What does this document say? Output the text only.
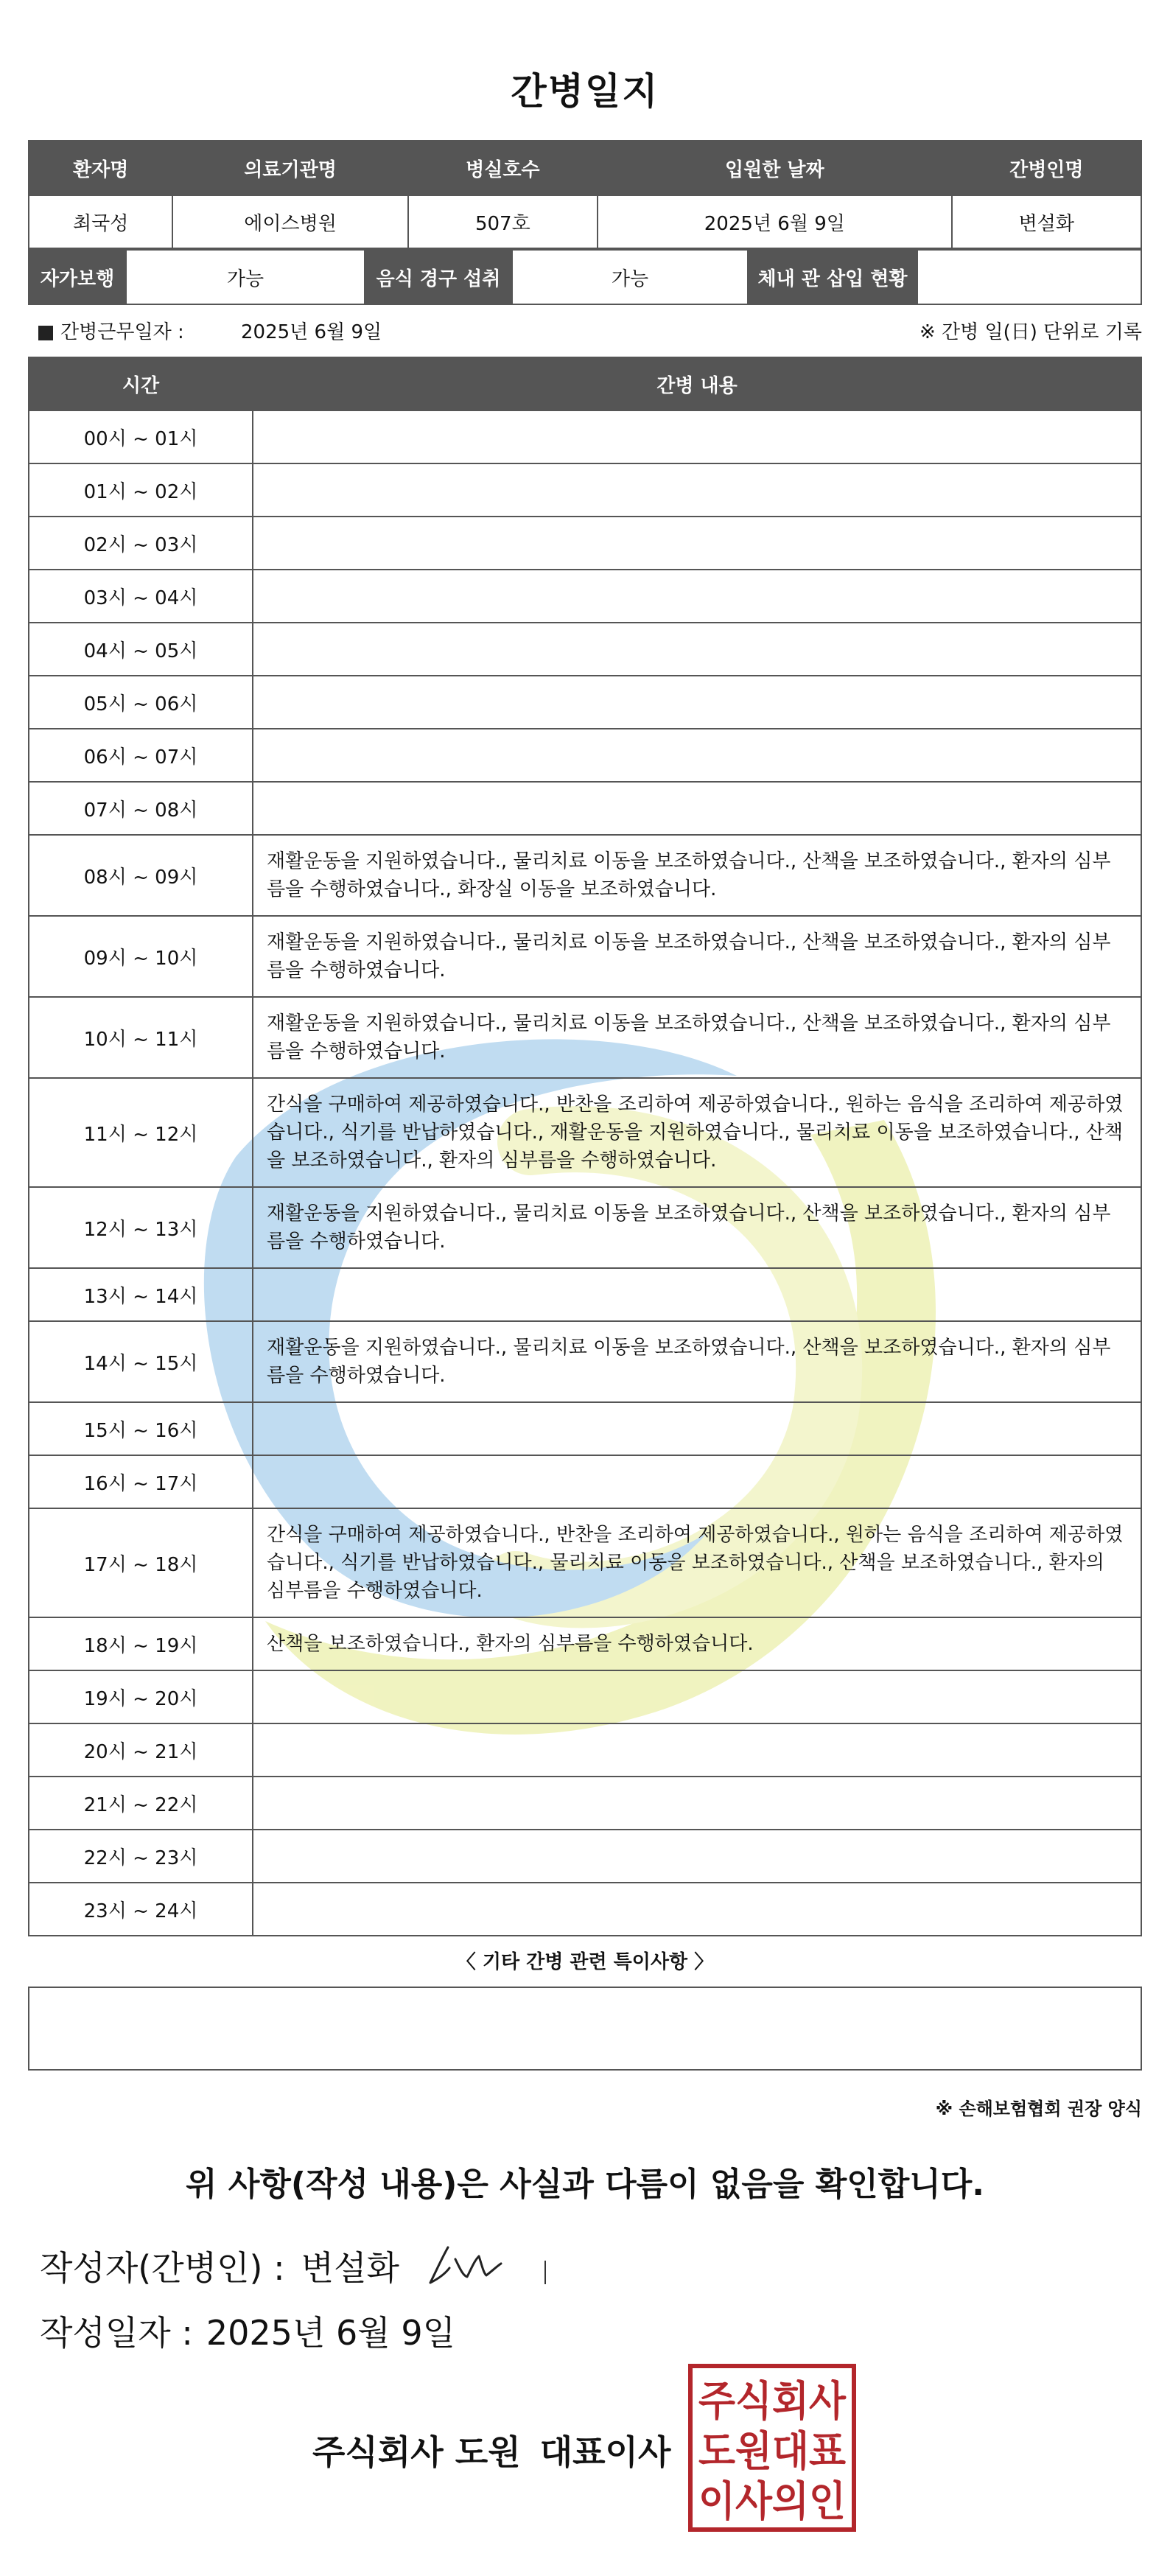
간병일지
환자명	의료기관명	병실호수	입원한 날짜	간병인명
최국성	에이스병원	507호	2025년 6월 9일	변설화
자가보행	가능	음식 경구 섭취	가능	체내 관 삽입 현황	
간병근무일자 :	2025년 6월 9일	※ 간병 일(日) 단위로 기록
시간	간병 내용
00시 ~ 01시	
01시 ~ 02시	
02시 ~ 03시	
03시 ~ 04시	
04시 ~ 05시	
05시 ~ 06시	
06시 ~ 07시	
07시 ~ 08시	
08시 ~ 09시	재활운동을 지원하였습니다., 물리치료 이동을 보조하였습니다., 산책을 보조하였습니다., 환자의 심부름을 수행하였습니다., 화장실 이동을 보조하였습니다.
09시 ~ 10시	재활운동을 지원하였습니다., 물리치료 이동을 보조하였습니다., 산책을 보조하였습니다., 환자의 심부름을 수행하였습니다.
10시 ~ 11시	재활운동을 지원하였습니다., 물리치료 이동을 보조하였습니다., 산책을 보조하였습니다., 환자의 심부름을 수행하였습니다.
11시 ~ 12시	간식을 구매하여 제공하였습니다., 반찬을 조리하여 제공하였습니다., 원하는 음식을 조리하여 제공하였습니다., 식기를 반납하였습니다., 재활운동을 지원하였습니다., 물리치료 이동을 보조하였습니다., 산책을 보조하였습니다., 환자의 심부름을 수행하였습니다.
12시 ~ 13시	재활운동을 지원하였습니다., 물리치료 이동을 보조하였습니다., 산책을 보조하였습니다., 환자의 심부름을 수행하였습니다.
13시 ~ 14시	
14시 ~ 15시	재활운동을 지원하였습니다., 물리치료 이동을 보조하였습니다., 산책을 보조하였습니다., 환자의 심부름을 수행하였습니다.
15시 ~ 16시	
16시 ~ 17시	
17시 ~ 18시	간식을 구매하여 제공하였습니다., 반찬을 조리하여 제공하였습니다., 원하는 음식을 조리하여 제공하였습니다., 식기를 반납하였습니다., 물리치료 이동을 보조하였습니다., 산책을 보조하였습니다., 환자의 심부름을 수행하였습니다.
18시 ~ 19시	산책을 보조하였습니다., 환자의 심부름을 수행하였습니다.
19시 ~ 20시	
20시 ~ 21시	
21시 ~ 22시	
22시 ~ 23시	
23시 ~ 24시	
〈 기타 간병 관련 특이사항 〉
※ 손해보험협회 권장 양식
위 사항(작성 내용)은 사실과 다름이 없음을 확인합니다.
작성자(간병인) : 변설화
작성일자 : 2025년 6월 9일
주식회사 도원 대표이사
주식회사
도원대표
이사의인
